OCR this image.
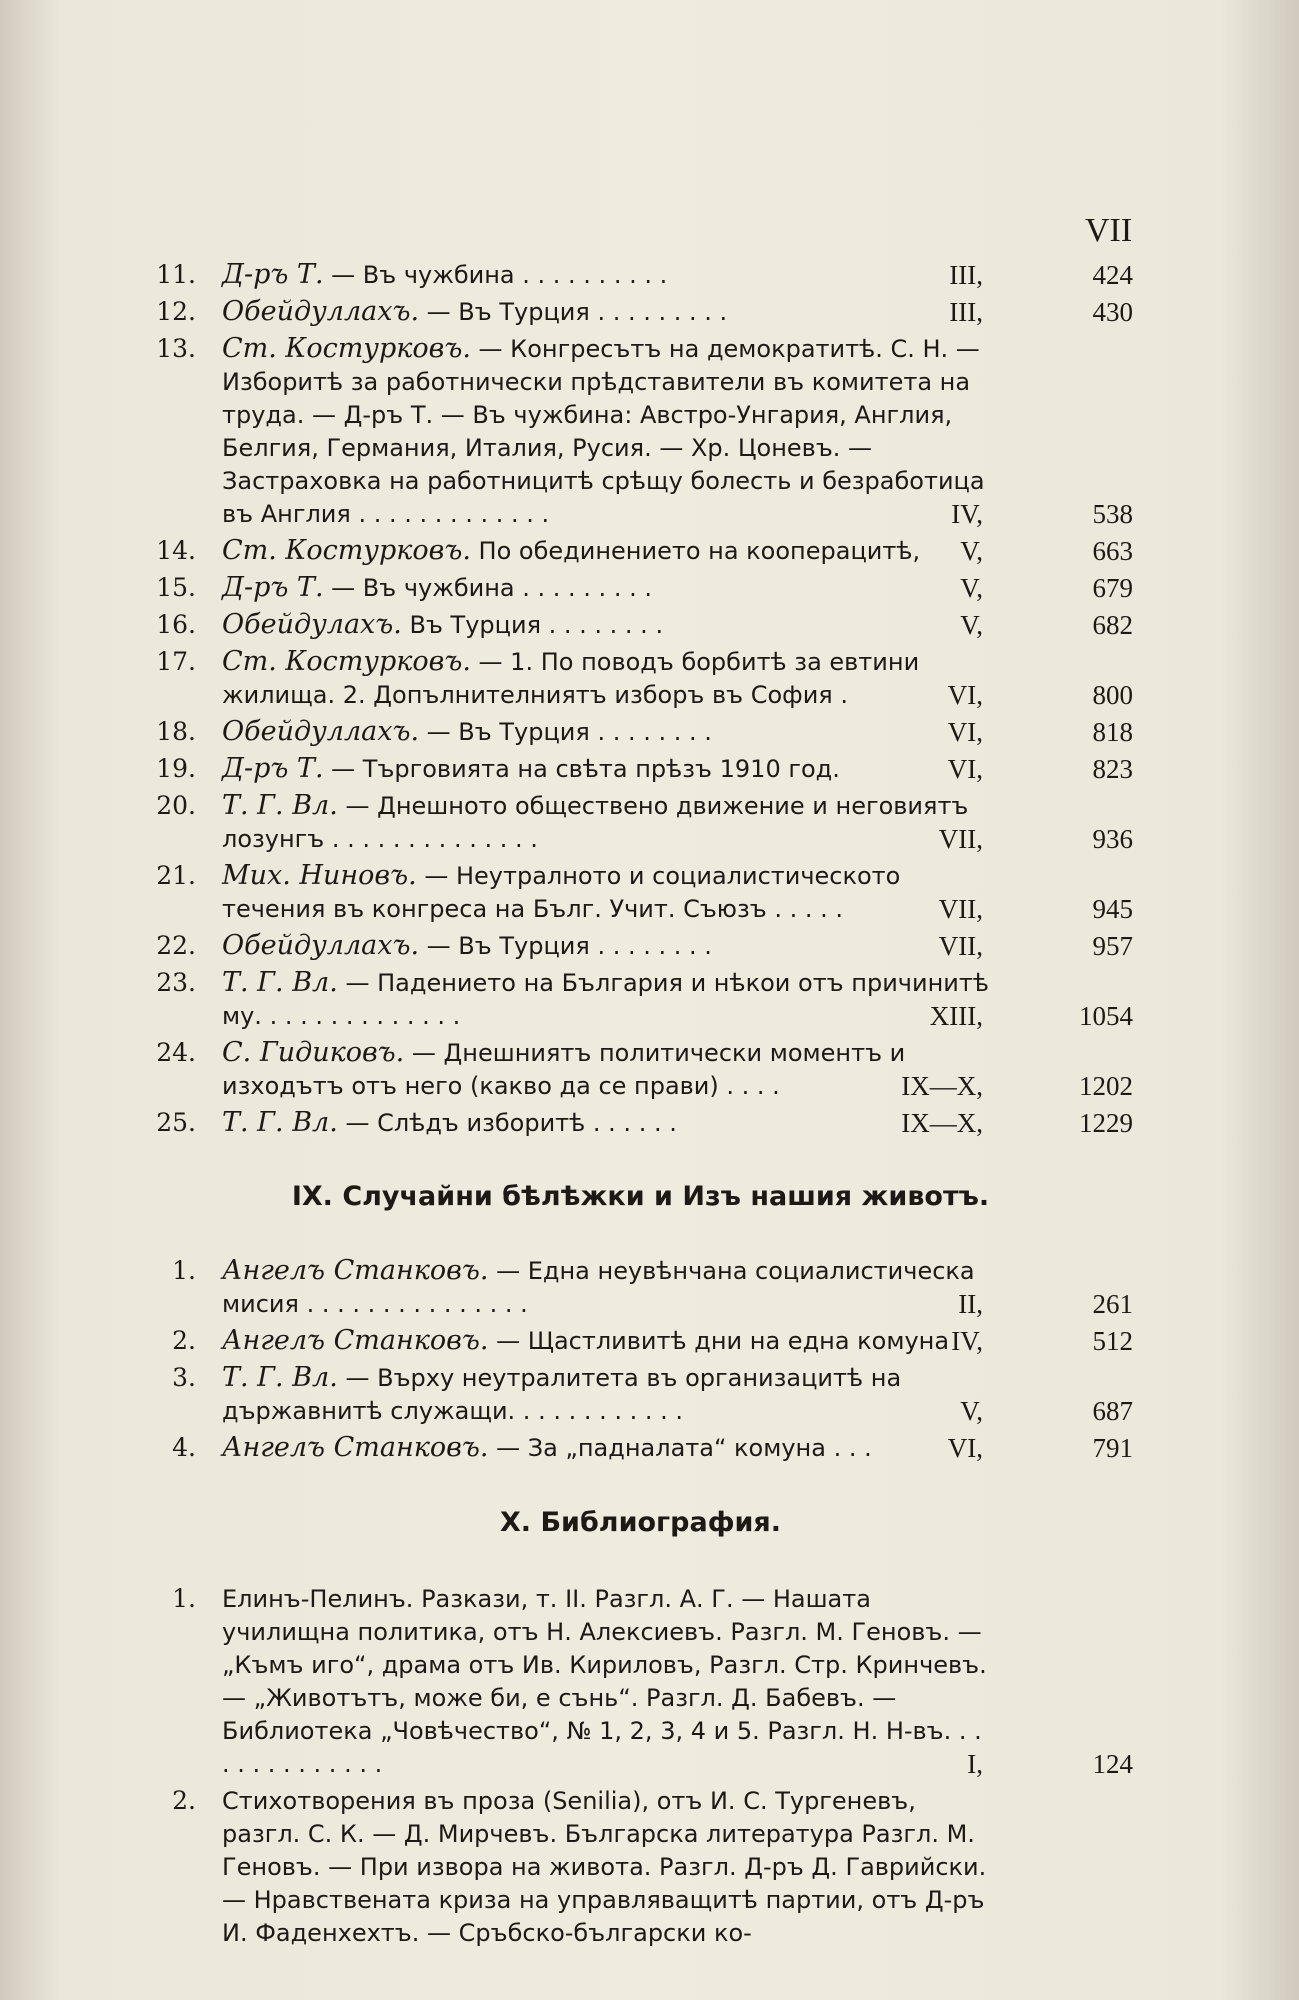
VII
11. Д-ръ Т. — Въ чужбина . . . . . . . . . .	III,	424
12. Обейдуллахъ. — Въ Турция . . . . . . . . .	III,	430
13. Ст. Костурковъ. — Конгресътъ на демократитѣ. С. Н. — Изборитѣ за работнически прѣдставители въ комитета на труда. — Д-ръ Т. — Въ чужбина: Австро-Унгария, Англия, Белгия, Германия, Италия, Русия. — Хр. Цоневъ. — Застраховка на работницитѣ срѣщу болесть и безработица въ Англия . . . . . . . . . . . . .	IV,	538
14. Ст. Костурковъ. По обединението на кооперацитѣ,	V,	663
15. Д-ръ Т. — Въ чужбина . . . . . . . . .	V,	679
16. Обейдулахъ. Въ Турция . . . . . . . .	V,	682
17. Ст. Костурковъ. — 1. По поводъ борбитѣ за евтини жилища. 2. Допълнителниятъ изборъ въ София .	VI,	800
18. Обейдуллахъ. — Въ Турция . . . . . . . .	VI,	818
19. Д-ръ Т. — Търговията на свѣта прѣзъ 1910 год.	VI,	823
20. Т. Г. Вл. — Днешното обществено движение и неговиятъ лозунгъ . . . . . . . . . . . . . .	VII,	936
21. Мих. Ниновъ. — Неутралното и социалистическото течения въ конгреса на Бълг. Учит. Съюзъ . . . . .	VII,	945
22. Обейдуллахъ. — Въ Турция . . . . . . . .	VII,	957
23. Т. Г. Вл. — Падението на България и нѣкои отъ причинитѣ му. . . . . . . . . . . . . .	XIII,	1054
24. С. Гидиковъ. — Днешниятъ политически моментъ и изходътъ отъ него (какво да се прави) . . . .	IX—X,	1202
25. Т. Г. Вл. — Слѣдъ изборитѣ . . . . . .	IX—X,	1229
IX. Случайни бѣлѣжки и Изъ нашия животъ.
1. Ангелъ Станковъ. — Една неувѣнчана социалистическа мисия . . . . . . . . . . . . . . .	II,	261
2. Ангелъ Станковъ. — Щастливитѣ дни на една комуна IV,	512
3. Т. Г. Вл. — Върху неутралитета въ организацитѣ на държавнитѣ служащи. . . . . . . . . . . .	V,	687
4. Ангелъ Станковъ. — За „падналата“ комуна . . .	VI,	791
X. Библиография.
1. Елинъ-Пелинъ. Разкази, т. II. Разгл. А. Г. — Нашата училищна политика, отъ Н. Алексиевъ. Разгл. М. Геновъ. — „Къмъ иго“, драма отъ Ив. Кириловъ, Разгл. Стр. Кринчевъ. — „Животътъ, може би, е сънь“. Разгл. Д. Бабевъ. — Библиотека „Човѣчество“, № 1, 2, 3, 4 и 5. Разгл. Н. Н-въ. . . . . . . . . . . . . .	I,	124
2. Стихотворения въ проза (Senilia), отъ И. С. Тургеневъ, разгл. С. К. — Д. Мирчевъ. Българска литература Разгл. М. Геновъ. — При извора на живота. Разгл. Д-ръ Д. Гаврийски. — Нравствената криза на управляващитѣ партии, отъ Д-ръ И. Фаденхехтъ. — Сръбско-български ко-
